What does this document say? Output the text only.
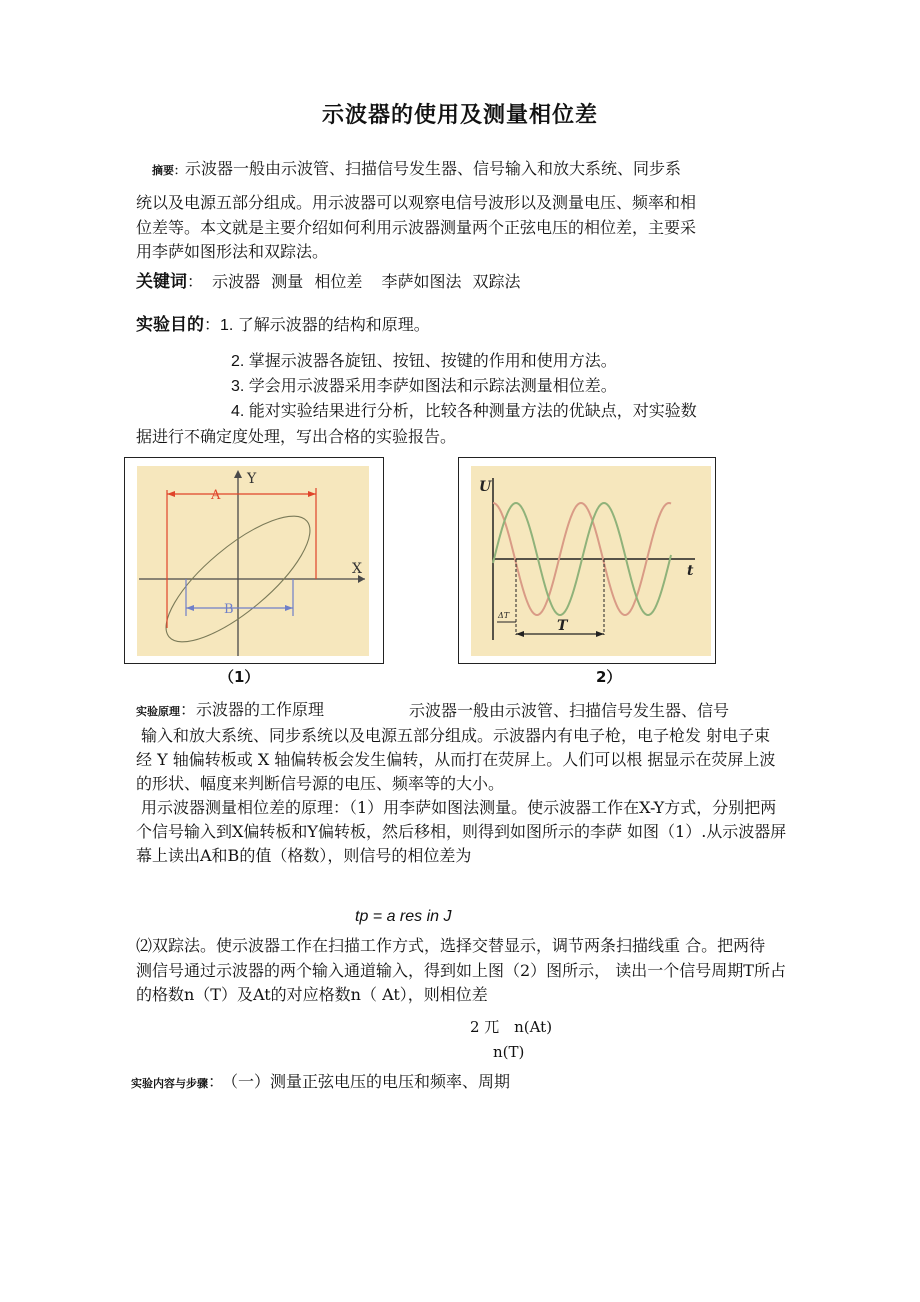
示波器的使用及测量相位差
摘要：示波器一般由示波管、扫描信号发生器、信号输入和放大系统、同步系
统以及电源五部分组成。用示波器可以观察电信号波形以及测量电压、频率和相
位差等。本文就是主要介绍如何利用示波器测量两个正弦电压的相位差，主要采
用李萨如图形法和双踪法。
关键词： 示波器 测量 相位差 李萨如图法 双踪法
实验目的：1. 了解示波器的结构和原理。
2. 掌握示波器各旋钮、按钮、按键的作用和使用方法。
3. 学会用示波器采用李萨如图法和示踪法测量相位差。
4. 能对实验结果进行分析，比较各种测量方法的优缺点，对实验数
据进行不确定度处理，写出合格的实验报告。
Y
X
A
B
（1）
U
t
ΔT
T
2）
实验原理：示波器的工作原理	示波器一般由示波管、扫描信号发生器、信号
输入和放大系统、同步系统以及电源五部分组成。示波器内有电子枪，电子枪发 射电子束
经 Y 轴偏转板或 X 轴偏转板会发生偏转，从而打在荧屏上。人们可以根 据显示在荧屏上波
的形状、幅度来判断信号源的电压、频率等的大小。
用示波器测量相位差的原理：（1）用李萨如图法测量。使示波器工作在X-Y方式，分别把两
个信号输入到X偏转板和Y偏转板，然后移相，则得到如图所示的李萨 如图（1）.从示波器屏
幕上读出A和B的值（格数），则信号的相位差为
tp = a res in J
⑵双踪法。使示波器工作在扫描工作方式，选择交替显示，调节两条扫描线重 合。把两待
测信号通过示波器的两个输入通道输入，得到如上图（2）图所示， 读出一个信号周期T所占
的格数n（T）及At的对应格数n（ At），则相位差
2 兀 n(At)
n(T)
实验内容与步骤： （一）测量正弦电压的电压和频率、周期
